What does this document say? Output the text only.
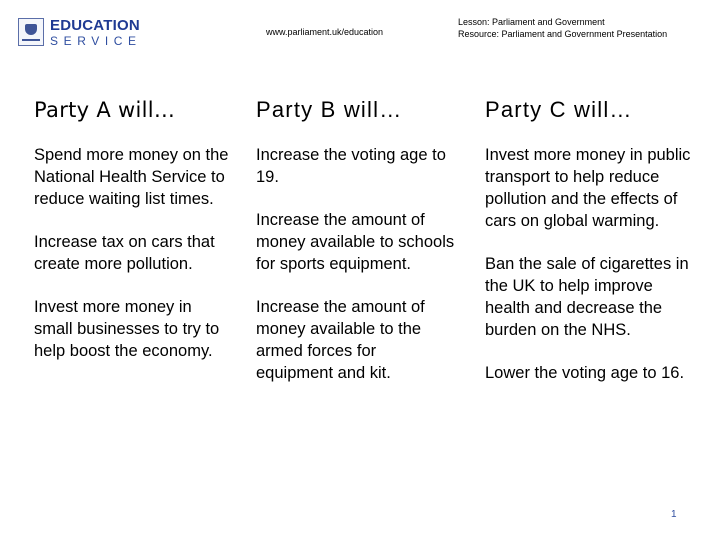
EDUCATION
SERVICE
www.parliament.uk/education
Lesson: Parliament and Government
Resource: Parliament and Government Presentation
Party A will…

Spend more money on the National Health Service to reduce waiting list times.

Increase tax on cars that create more pollution.

Invest more money in small businesses to try to help boost the economy.

Party B will…

Increase the voting age to 19.

Increase the amount of money available to schools for sports equipment.

Increase the amount of money available to the armed forces for equipment and kit.

Party C will…

Invest more money in public transport to help reduce pollution and the effects of cars on global warming.

Ban the sale of cigarettes in the UK to help improve health and decrease the burden on the NHS.

Lower the voting age to 16.

1
